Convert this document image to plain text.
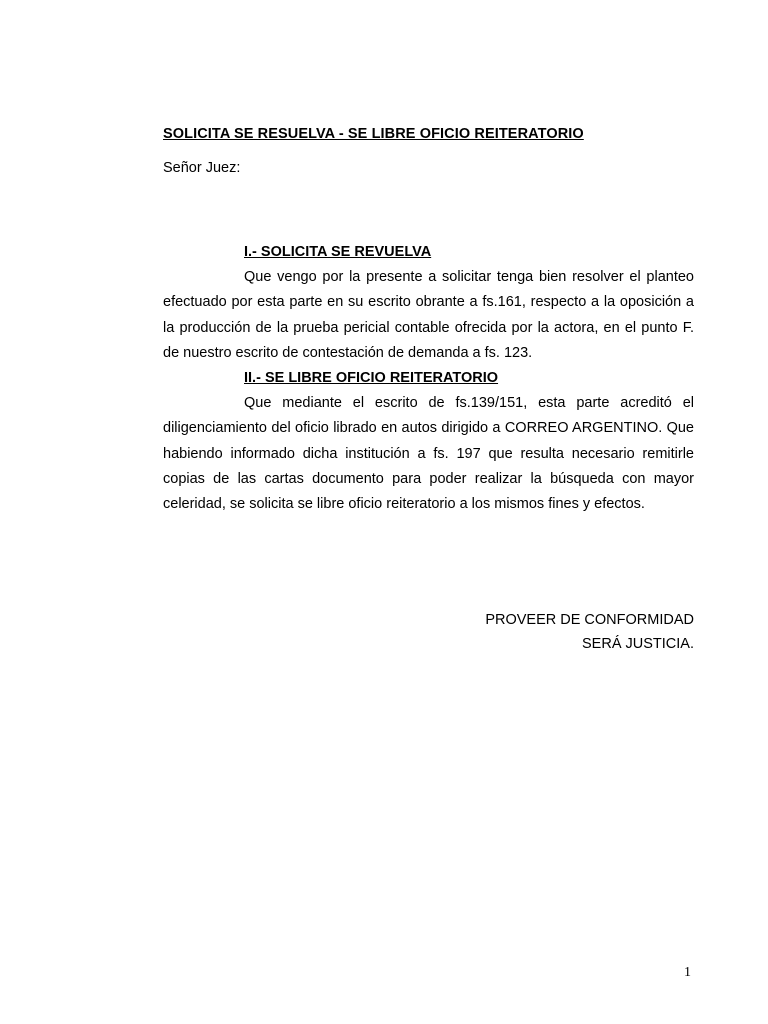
SOLICITA SE RESUELVA - SE LIBRE OFICIO REITERATORIO
Señor Juez:
I.- SOLICITA SE REVUELVA

Que vengo por la presente a solicitar tenga bien resolver el planteo efectuado por esta parte en su escrito obrante a fs.161, respecto a la oposición a la producción de la prueba pericial contable ofrecida por la actora, en el punto F. de nuestro escrito de contestación de demanda a fs. 123.

II.- SE LIBRE OFICIO REITERATORIO

Que mediante el escrito de fs.139/151, esta parte acreditó el diligenciamiento del oficio librado en autos dirigido a CORREO ARGENTINO. Que habiendo informado dicha institución a fs. 197 que resulta necesario remitirle copias de las cartas documento para poder realizar la búsqueda con mayor celeridad, se solicita se libre oficio reiteratorio a los mismos fines y efectos.

PROVEER DE CONFORMIDAD
SERÁ JUSTICIA.
1
